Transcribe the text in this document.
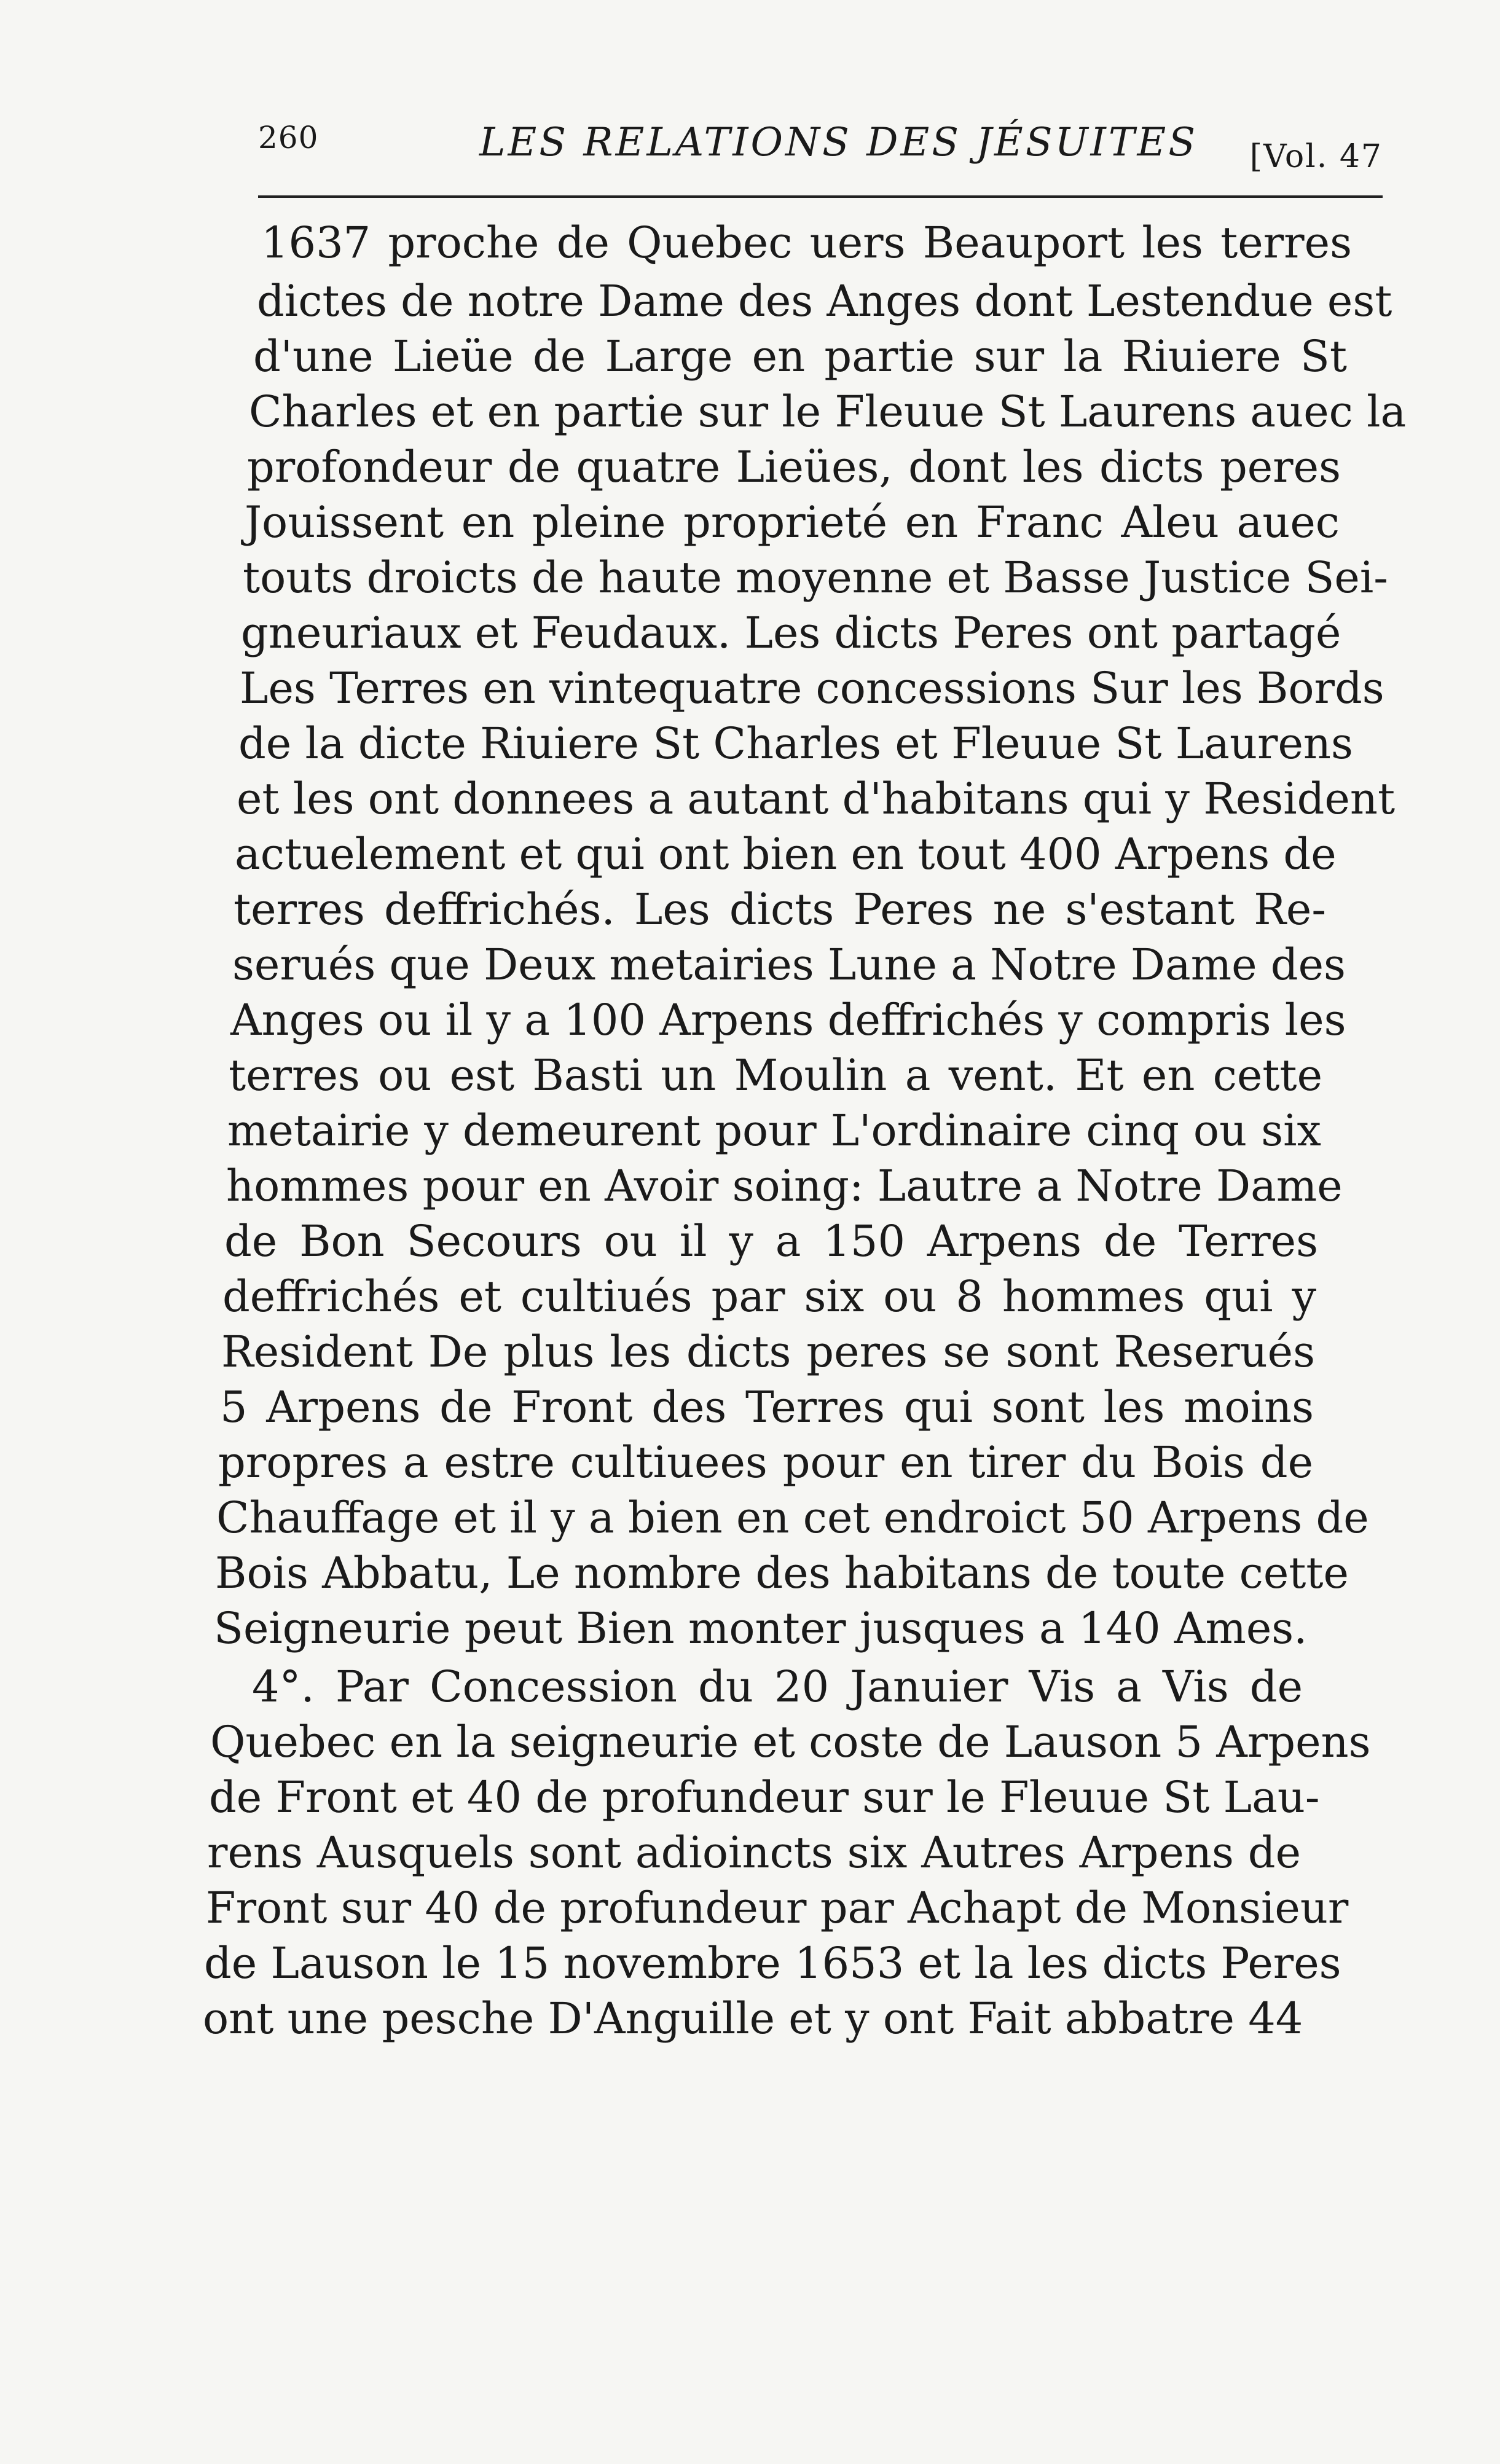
260	LES RELATIONS DES JÉSUITES [Vol. 47
1637 proche de Quebec uers Beauport les terres
dictes de notre Dame des Anges dont Lestendue est
d'une Lieüe de Large en partie sur la Riuiere St
Charles et en partie sur le Fleuue St Laurens auec la
profondeur de quatre Lieües, dont les dicts peres
Jouissent en pleine proprieté en Franc Aleu auec
touts droicts de haute moyenne et Basse Justice Sei-
gneuriaux et Feudaux. Les dicts Peres ont partagé
Les Terres en vintequatre concessions Sur les Bords
de la dicte Riuiere St Charles et Fleuue St Laurens
et les ont donnees a autant d'habitans qui y Resident
actuelement et qui ont bien en tout 400 Arpens de
terres deffrichés. Les dicts Peres ne s'estant Re-
serués que Deux metairies Lune a Notre Dame des
Anges ou il y a 100 Arpens deffrichés y compris les
terres ou est Basti un Moulin a vent. Et en cette
metairie y demeurent pour L'ordinaire cinq ou six
hommes pour en Avoir soing: Lautre a Notre Dame
de Bon Secours ou il y a 150 Arpens de Terres
deffrichés et cultiués par six ou 8 hommes qui y
Resident De plus les dicts peres se sont Reserués
5 Arpens de Front des Terres qui sont les moins
propres a estre cultiuees pour en tirer du Bois de
Chauffage et il y a bien en cet endroict 50 Arpens de
Bois Abbatu, Le nombre des habitans de toute cette
Seigneurie peut Bien monter jusques a 140 Ames.
4°. Par Concession du 20 Januier Vis a Vis de
Quebec en la seigneurie et coste de Lauson 5 Arpens
de Front et 40 de profundeur sur le Fleuue St Lau-
rens Ausquels sont adioincts six Autres Arpens de
Front sur 40 de profundeur par Achapt de Monsieur
de Lauson le 15 novembre 1653 et la les dicts Peres
ont une pesche D'Anguille et y ont Fait abbatre 44
